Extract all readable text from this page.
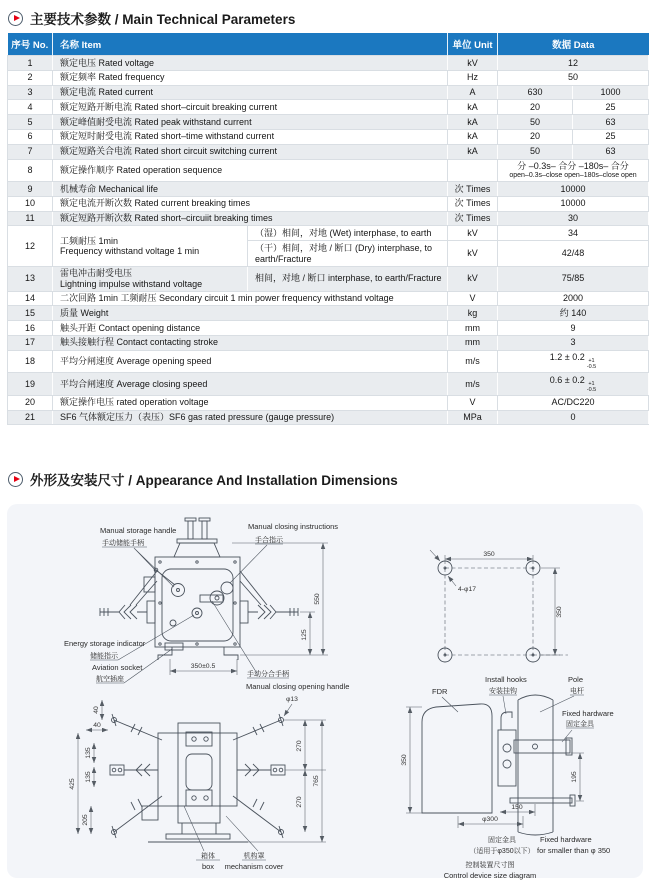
主要技术参数 / Main Technical Parameters
序号 No.	名称 Item		单位 Unit	数据 Data	
1	额定电压 Rated voltage		kV	12	
2	额定频率 Rated frequency		Hz	50	
3	额定电流 Rated current		A	630	1000
4	额定短路开断电流 Rated short–circuit breaking current		kA	20	25
5	额定峰值耐受电流 Rated peak withstand current		kA	50	63
6	额定短时耐受电流 Rated short–time withstand current		kA	20	25
7	额定短路关合电流 Rated short circuit switching current		kA	50	63
8	额定操作顺序 Rated operation sequence			分 –0.3s– 合分 –180s– 合分
open–0.3s–close open–180s–close open	

9	机械寿命 Mechanical life		次 Times	10000	
10	额定电流开断次数 Rated current breaking times		次 Times	10000	
11	额定短路开断次数 Rated short–circuiit breaking times		次 Times	30	
12	工频耐压 1min
Frequency withstand voltage 1 min	（湿）相间，对地 (Wet) interphase, to earth	kV	34	
		（干）相间，对地 / 断口 (Dry) interphase, to earth/Fracture	kV	42/48	
13	雷电冲击耐受电压
Lightning impulse withstand voltage	相间，对地 / 断口 interphase, to earth/Fracture	kV	75/85	
14	二次回路 1min 工频耐压 Secondary circuit 1 min power frequency withstand voltage		V	2000	
15	质量 Weight		kg	约 140	
16	触头开距 Contact opening distance		mm	9	
17	触头接触行程 Contact contacting stroke		mm	3	
18	平均分闸速度 Average opening speed		m/s	1.2 ± 0.2 +1
-0.5	

19	平均合闸速度 Average closing speed		m/s	0.6 ± 0.2 +1
-0.5	

20	额定操作电压 rated operation voltage		V	AC/DC220	
21	SF6 气体额定压力（表压）SF6 gas rated pressure (gauge pressure)		MPa	0	
外形及安装尺寸 / Appearance And Installation Dimensions
550
125
350±0.5
Manual storage handle
手动储能手柄
Manual closing instructions
手合指示
Energy storage indicator
储能指示
Aviation socket
航空插座
手动分合手柄
Manual closing opening handle
350
350
4-φ17
40
40
135
135
425
205
270
270
765
φ13
箱体
box
机构罩
mechanism cover
350
195
150
φ300
FDR
Install hooks
安装挂钩
Pole
电杆
Fixed hardware
固定金具
固定金具
（适用于φ350以下）
Fixed hardware
for smaller than φ 350
控制装置尺寸图
Control device size diagram
